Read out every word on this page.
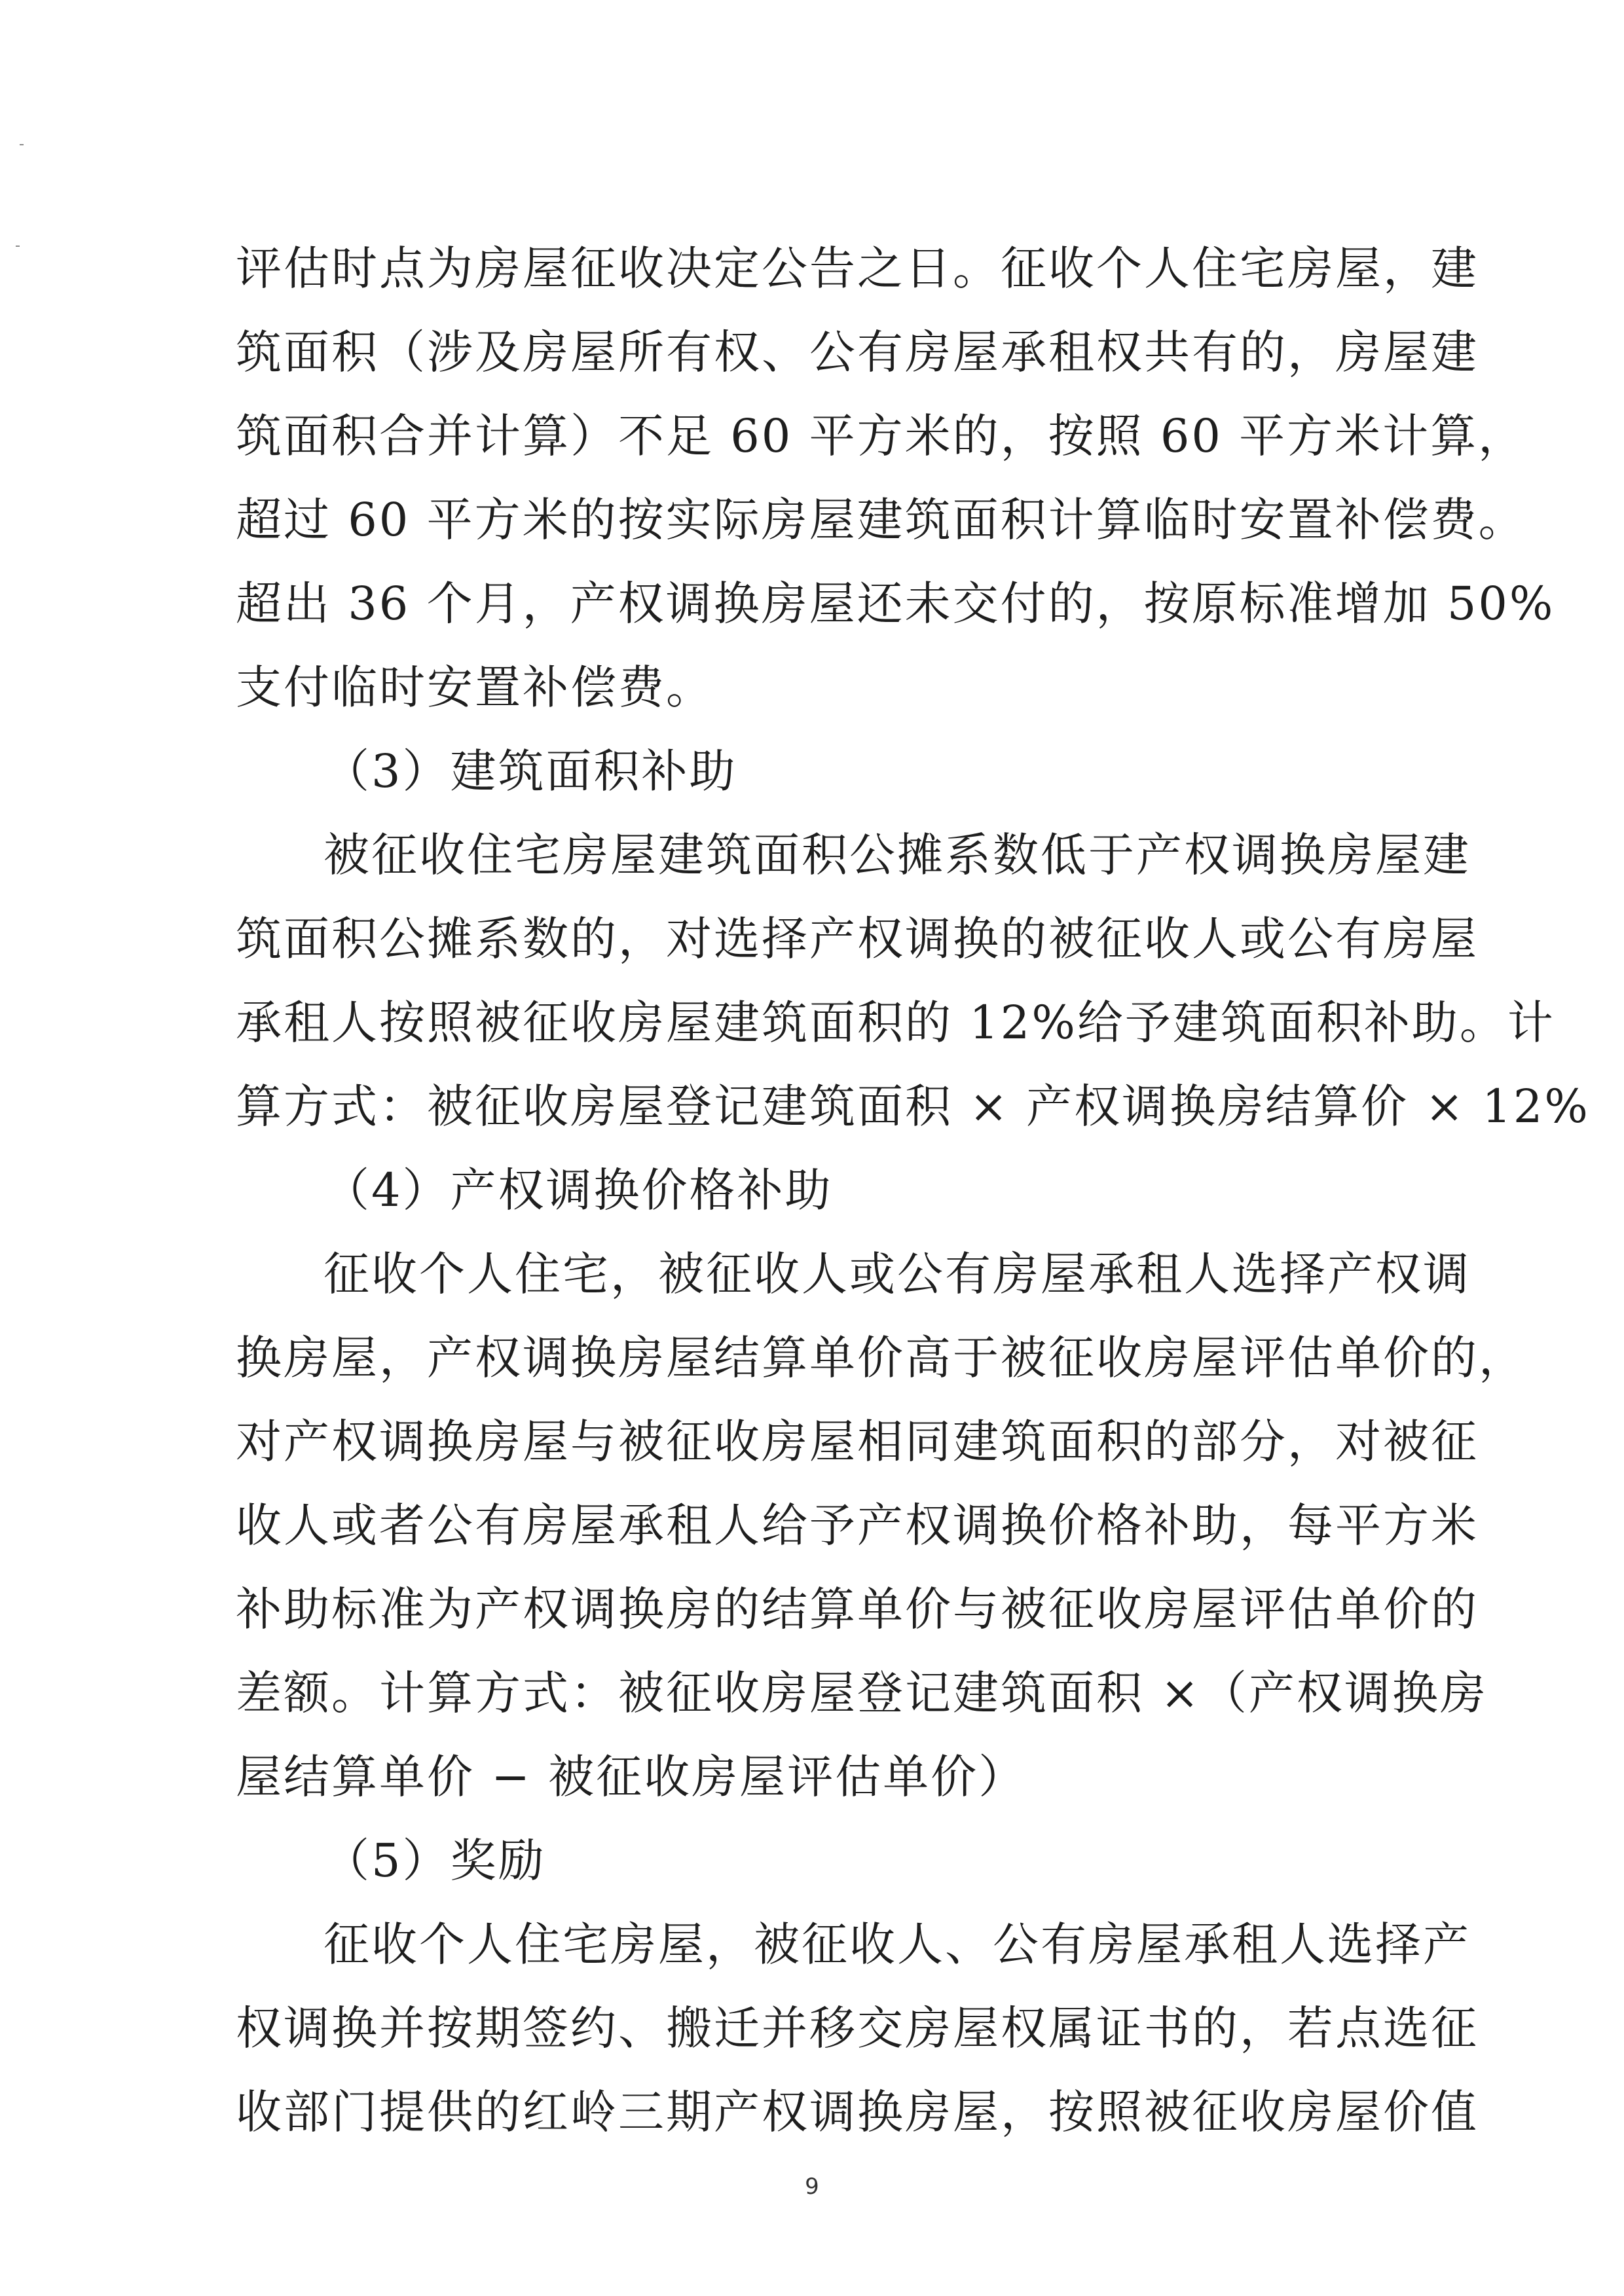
评估时点为房屋征收决定公告之日。征收个人住宅房屋，建
筑面积（涉及房屋所有权、公有房屋承租权共有的，房屋建
筑面积合并计算）不足 60 平方米的，按照 60 平方米计算，
超过 60 平方米的按实际房屋建筑面积计算临时安置补偿费。
超出 36 个月，产权调换房屋还未交付的，按原标准增加 50%
支付临时安置补偿费。
（3）建筑面积补助
被征收住宅房屋建筑面积公摊系数低于产权调换房屋建
筑面积公摊系数的，对选择产权调换的被征收人或公有房屋
承租人按照被征收房屋建筑面积的 12%给予建筑面积补助。计
算方式：被征收房屋登记建筑面积 × 产权调换房结算价 × 12%
（4）产权调换价格补助
征收个人住宅，被征收人或公有房屋承租人选择产权调
换房屋，产权调换房屋结算单价高于被征收房屋评估单价的，
对产权调换房屋与被征收房屋相同建筑面积的部分，对被征
收人或者公有房屋承租人给予产权调换价格补助，每平方米
补助标准为产权调换房的结算单价与被征收房屋评估单价的
差额。计算方式：被征收房屋登记建筑面积 ×（产权调换房
屋结算单价 − 被征收房屋评估单价）
（5）奖励
征收个人住宅房屋，被征收人、公有房屋承租人选择产
权调换并按期签约、搬迁并移交房屋权属证书的，若点选征
收部门提供的红岭三期产权调换房屋，按照被征收房屋价值
9
